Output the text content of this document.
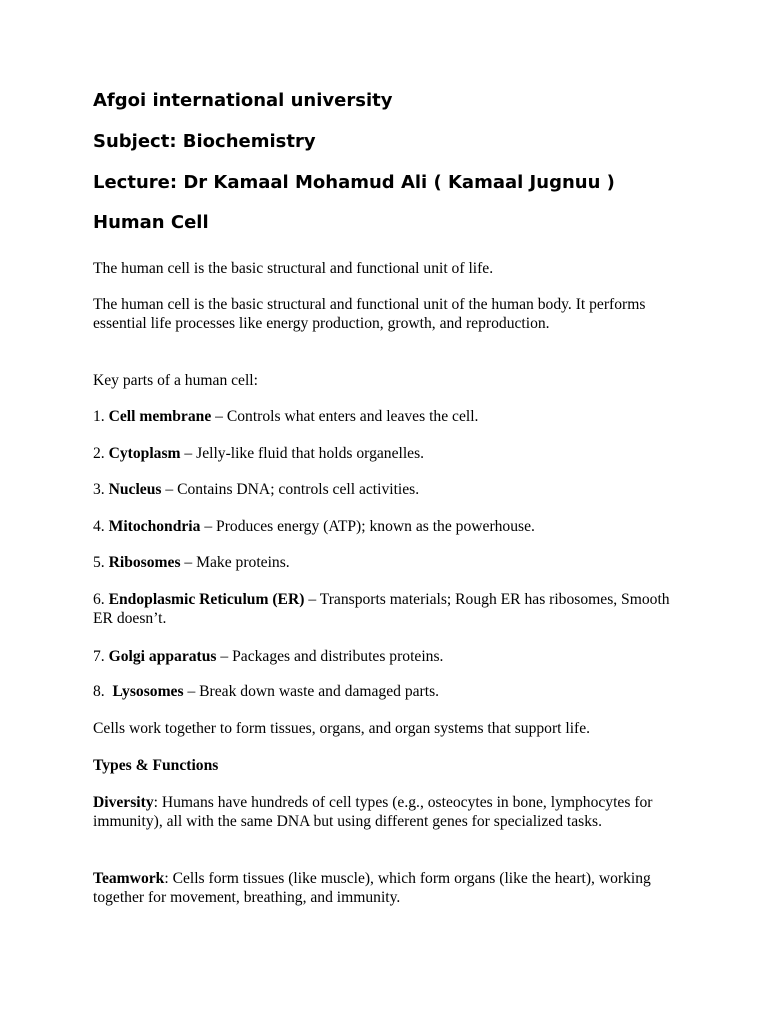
Afgoi international university
Subject: Biochemistry
Lecture: Dr Kamaal Mohamud Ali ( Kamaal Jugnuu )
Human Cell

The human cell is the basic structural and functional unit of life.

The human cell is the basic structural and functional unit of the human body. It performs essential life processes like energy production, growth, and reproduction.

Key parts of a human cell:

1. Cell membrane – Controls what enters and leaves the cell.

2. Cytoplasm – Jelly-like fluid that holds organelles.

3. Nucleus – Contains DNA; controls cell activities.

4. Mitochondria – Produces energy (ATP); known as the powerhouse.

5. Ribosomes – Make proteins.

6. Endoplasmic Reticulum (ER) – Transports materials; Rough ER has ribosomes, Smooth ER doesn’t.

7. Golgi apparatus – Packages and distributes proteins.

8.  Lysosomes – Break down waste and damaged parts.

Cells work together to form tissues, organs, and organ systems that support life.

Types & Functions

Diversity: Humans have hundreds of cell types (e.g., osteocytes in bone, lymphocytes for immunity), all with the same DNA but using different genes for specialized tasks.

Teamwork: Cells form tissues (like muscle), which form organs (like the heart), working together for movement, breathing, and immunity.
